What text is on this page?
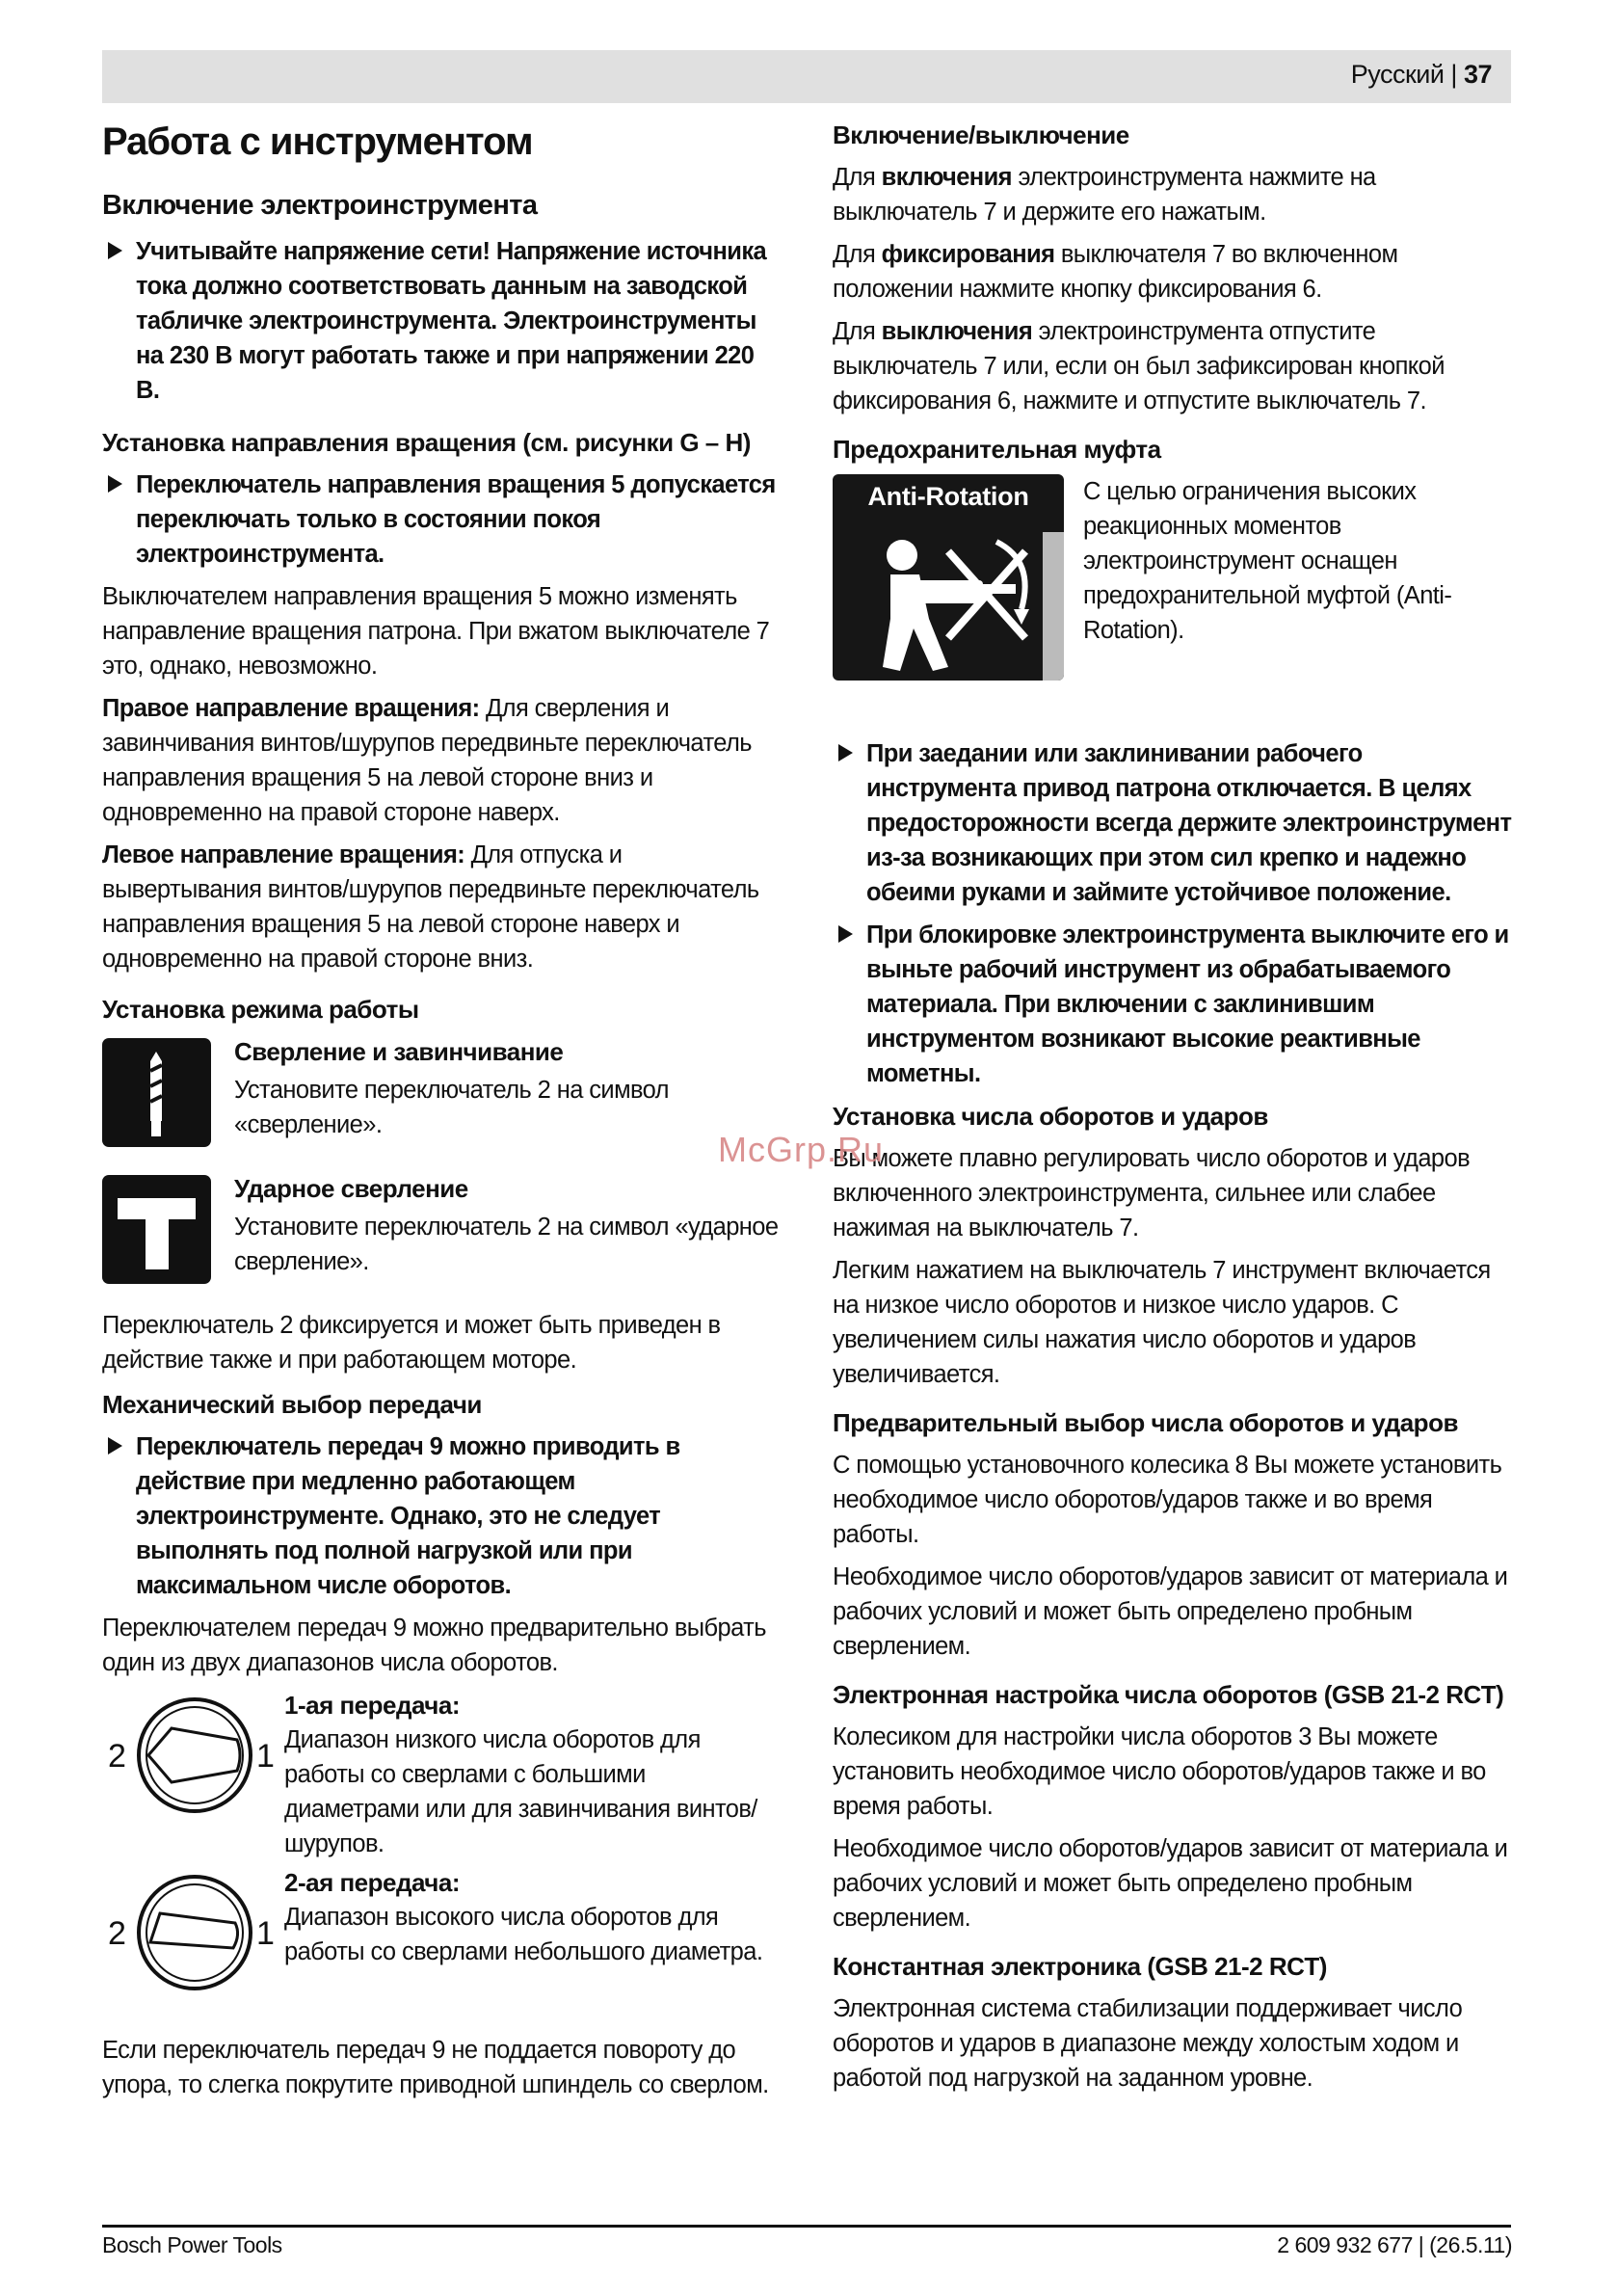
Русский | 37
Работа с инструментом
Включение электроинструмента
Учитывайте напряжение сети! Напряжение источника тока должно соответствовать данным на заводской табличке электроинструмента. Электроинструменты на 230 В могут работать также и при напряжении 220 В.
Установка направления вращения (см. рисунки G – H)
Переключатель направления вращения 5 допускается переключать только в состоянии покоя электроинструмента.

Выключателем направления вращения 5 можно изменять направление вращения патрона. При вжатом выключателе 7 это, однако, невозможно.

Правое направление вращения: Для сверления и завинчивания винтов/шурупов передвиньте переключатель направления вращения 5 на левой стороне вниз и одновременно на правой стороне наверх.

Левое направление вращения: Для отпуска и вывертывания винтов/шурупов передвиньте переключатель направления вращения 5 на левой стороне наверх и одновременно на правой стороне вниз.

Установка режима работы
Сверление и завинчивание

Установите переключатель 2 на символ «сверление».

Ударное сверление

Установите переключатель 2 на символ «ударное сверление».

Переключатель 2 фиксируется и может быть приведен в действие также и при работающем моторе.

Механический выбор передачи
Переключатель передач 9 можно приводить в действие при медленно работающем электроинструменте. Однако, это не следует выполнять под полной нагрузкой или при максимальном числе оборотов.

Переключателем передач 9 можно предварительно выбрать один из двух диапазонов числа оборотов.

2	1
1-ая передача:

Диапазон низкого числа оборотов для работы со сверлами с большими диаметрами или для завинчивания винтов/шурупов.

2	1
2-ая передача:

Диапазон высокого числа оборотов для работы со сверлами небольшого диаметра.

Если переключатель передач 9 не поддается повороту до упора, то слегка покрутите приводной шпиндель со сверлом.

Включение/выключение

Для включения электроинструмента нажмите на выключатель 7 и держите его нажатым.

Для фиксирования выключателя 7 во включенном положении нажмите кнопку фиксирования 6.

Для выключения электроинструмента отпустите выключатель 7 или, если он был зафиксирован кнопкой фиксирования 6, нажмите и отпустите выключатель 7.

Предохранительная муфта
Anti-Rotation	С целью ограничения высоких реакционных моментов электроинструмент оснащен предохранительной муфтой (Anti-Rotation).

При заедании или заклинивании рабочего инструмента привод патрона отключается. В целях предосторожности всегда держите электроинструмент из-за возникающих при этом сил крепко и надежно обеими руками и займите устойчивое положение.
При блокировке электроинструмента выключите его и выньте рабочий инструмент из обрабатываемого материала. При включении с заклинившим инструментом возникают высокие реактивные мометны.
Установка числа оборотов и ударов

Вы можете плавно регулировать число оборотов и ударов включенного электроинструмента, сильнее или слабее нажимая на выключатель 7.

Легким нажатием на выключатель 7 инструмент включается на низкое число оборотов и низкое число ударов. С увеличением силы нажатия число оборотов и ударов увеличивается.

Предварительный выбор числа оборотов и ударов

С помощью установочного колесика 8 Вы можете установить необходимое число оборотов/ударов также и во время работы.

Необходимое число оборотов/ударов зависит от материала и рабочих условий и может быть определено пробным сверлением.

Электронная настройка числа оборотов (GSB 21-2 RCT)

Колесиком для настройки числа оборотов 3 Вы можете установить необходимое число оборотов/ударов также и во время работы.

Необходимое число оборотов/ударов зависит от материала и рабочих условий и может быть определено пробным сверлением.

Константная электроника (GSB 21-2 RCT)

Электронная система стабилизации поддерживает число оборотов и ударов в диапазоне между холостым ходом и работой под нагрузкой на заданном уровне.

McGrp.Ru
Bosch Power Tools	2 609 932 677 | (26.5.11)
